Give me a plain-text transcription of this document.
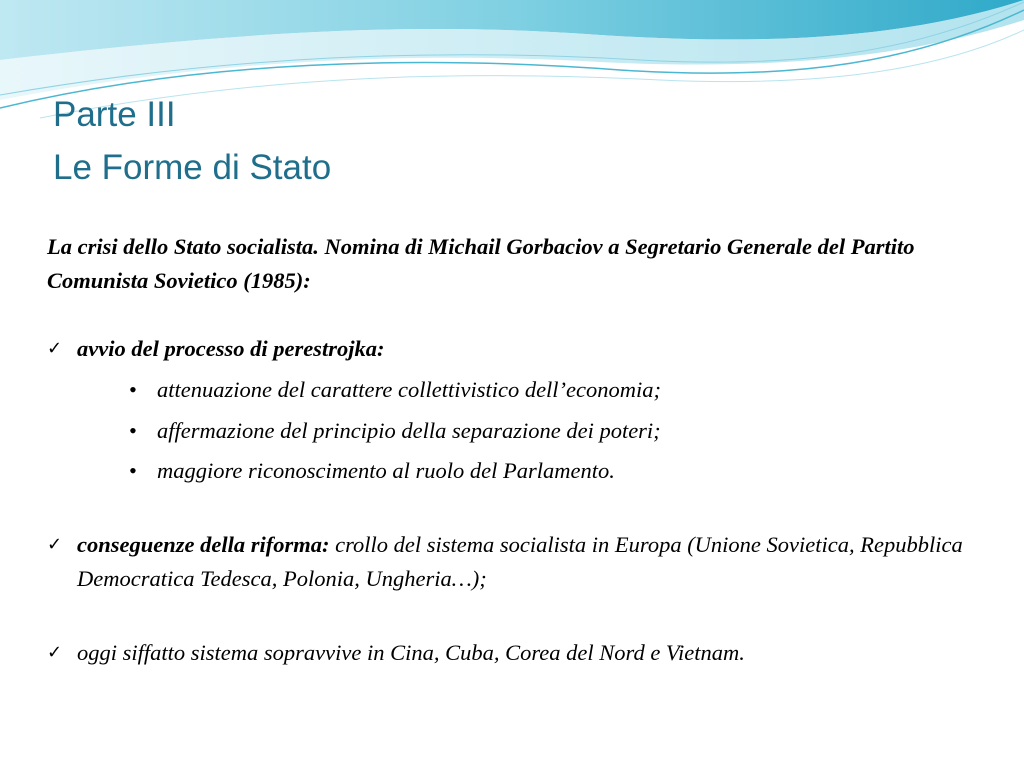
Parte III
Le Forme di Stato

La crisi dello Stato socialista. Nomina di Michail Gorbaciov a Segretario Generale del Partito Comunista Sovietico (1985):

✓ avvio del processo di perestrojka:
• attenuazione del carattere collettivistico dell’economia;
• affermazione del principio della separazione dei poteri;
• maggiore riconoscimento al ruolo del Parlamento.
✓ conseguenze della riforma: crollo del sistema socialista in Europa (Unione Sovietica, Repubblica Democratica Tedesca, Polonia, Ungheria…);
✓ oggi siffatto sistema sopravvive in Cina, Cuba, Corea del Nord e Vietnam.
